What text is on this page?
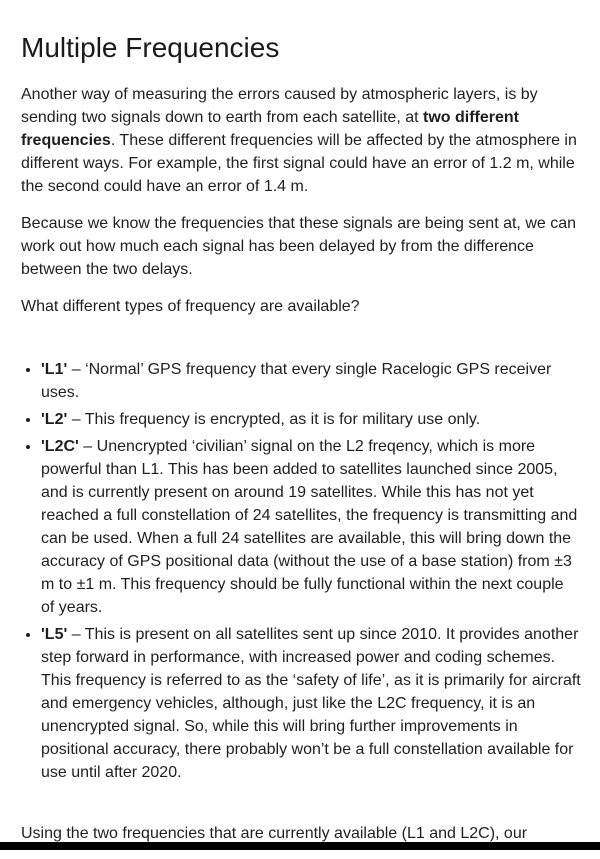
Multiple Frequencies

Another way of measuring the errors caused by atmospheric layers, is by sending two signals down to earth from each satellite, at two different frequencies. These different frequencies will be affected by the atmosphere in different ways. For example, the first signal could have an error of 1.2 m, while the second could have an error of 1.4 m.

Because we know the frequencies that these signals are being sent at, we can work out how much each signal has been delayed by from the difference between the two delays.

What different types of frequency are available?

• 'L1' – ‘Normal’ GPS frequency that every single Racelogic GPS receiver uses.
• 'L2' – This frequency is encrypted, as it is for military use only.
• 'L2C' – Unencrypted ‘civilian’ signal on the L2 freqency, which is more powerful than L1. This has been added to satellites launched since 2005, and is currently present on around 19 satellites. While this has not yet reached a full constellation of 24 satellites, the frequency is transmitting and can be used. When a full 24 satellites are available, this will bring down the accuracy of GPS positional data (without the use of a base station) from ±3 m to ±1 m. This frequency should be fully functional within the next couple of years.
• 'L5' – This is present on all satellites sent up since 2010. It provides another step forward in performance, with increased power and coding schemes. This frequency is referred to as the ‘safety of life’, as it is primarily for aircraft and emergency vehicles, although, just like the L2C frequency, it is an unencrypted signal. So, while this will bring further improvements in positional accuracy, there probably won’t be a full constellation available for use until after 2020.

Using the two frequencies that are currently available (L1 and L2C), our
